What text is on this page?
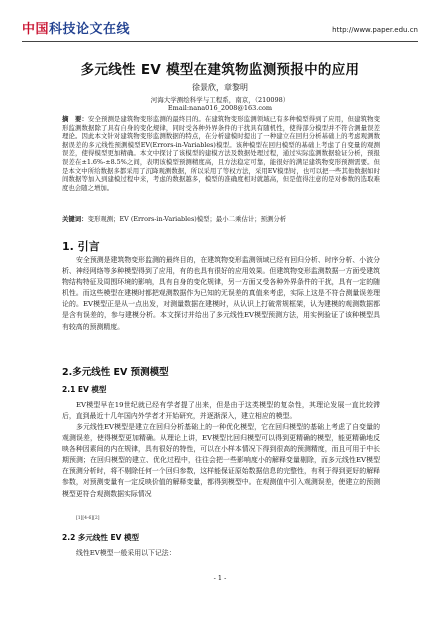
中国 科技论文在线	http://www.paper.edu.cn
多元线性 EV 模型在建筑物监测预报中的应用
徐景欣，章黎明
河海大学测绘科学与工程系，南京，（210098）
Email:nana016_2008@163.com
摘　要：安全预测是建筑物变形监测的最终目的。在建筑物变形监测领域已有多种模型得到了应用，但建筑物变形监测数据除了具有自身的变化规律，同时受各种外界条件的干扰具有随机性，使得部分模型并不符合测量误差理论。因此本文针对建筑物变形监测数据的特点，在分析建模时提出了一种建立在回归分析基础上的考虑观测数据误差的多元线性预测模型EV(Errors-in-Variables)模型。该种模型在回归模型的基础上考虑了自变量的观测误差，使得模型更加精确。本文中探讨了该模型的建模方法及数据处理过程，通过实际监测数据验证分析，预报误差在±1.6%-±8.5%之间，表明该模型预测精度高，且方法稳定可靠，能很好的满足建筑物变形预测需要。但是本文中所给数据多都采用了沉降观测数据，所以采用了等权方法，采用EV模型时，也可以把一些其他数据如时间数据等加入到建模过程中来，考虑的数据越多，模型的准确度相对就越高，但是值得注意的是对参数的选取难度也会随之增加。
关键词：变形观测；EV (Errors-in-Variables)模型；最小二乘估计；预测分析
1. 引言

安全预测是建筑物变形监测的最终目的，在建筑物变形监测领域已经有回归分析、时序分析、小波分析、神经网络等多种模型得到了应用，有的也具有很好的应用效果。但建筑物变形监测数据一方面受建筑物结构特征及周围环境的影响，具有自身的变化规律，另一方面又受各种外界条件的干扰，具有一定的随机性。而这些模型在建模时都把观测数据作为已知的无误差的真值来考虑，实际上这是不符合测量误差理论的。EV模型正是从一点出发，对测量数据在建模时，从认识上打破常规框架，认为建模的观测数据都是含有误差的，参与建模分析。本文探讨并给出了多元线性EV模型预测方法，用实例验证了该种模型具有较高的预测精度。

2.多元线性 EV 预测模型
2.1 EV 模型

EV模型早在19世纪就已经有学者提了出来，但是由于这类模型的复杂性，其理论发展一直比较滞后，直到最近十几年国内外学者才开始研究，并逐渐深入，建立相应的模型。

多元线性EV模型是建立在回归分析基础上的一种优化模型，它在回归模型的基础上考虑了自变量的观测误差，使得模型更加精确。从理论上讲，EV模型比回归模型可以得到更精确的模型，能更精确地反映各种因素间的内在规律，具有很好的特性，可以在小样本情况下得到很高的预测精度，而且可用于中长期预测；在回归模型的建立、优化过程中，往往会把一些影响度小的解释变量剔除，而多元线性EV模型在预测分析时，将不剔除任何一个回归参数，这样能保证原始数据信息的完整性，有利于得到更好的解释参数，对预测变量有一定反映价值的解释变量，都得到模型中。在观测值中引入观测误差，使建立的预测模型更符合观测数据实际情况

[1][4-6][2]
2.2 多元线性 EV 模型

线性EV模型一般采用以下记法：

- 1 -
